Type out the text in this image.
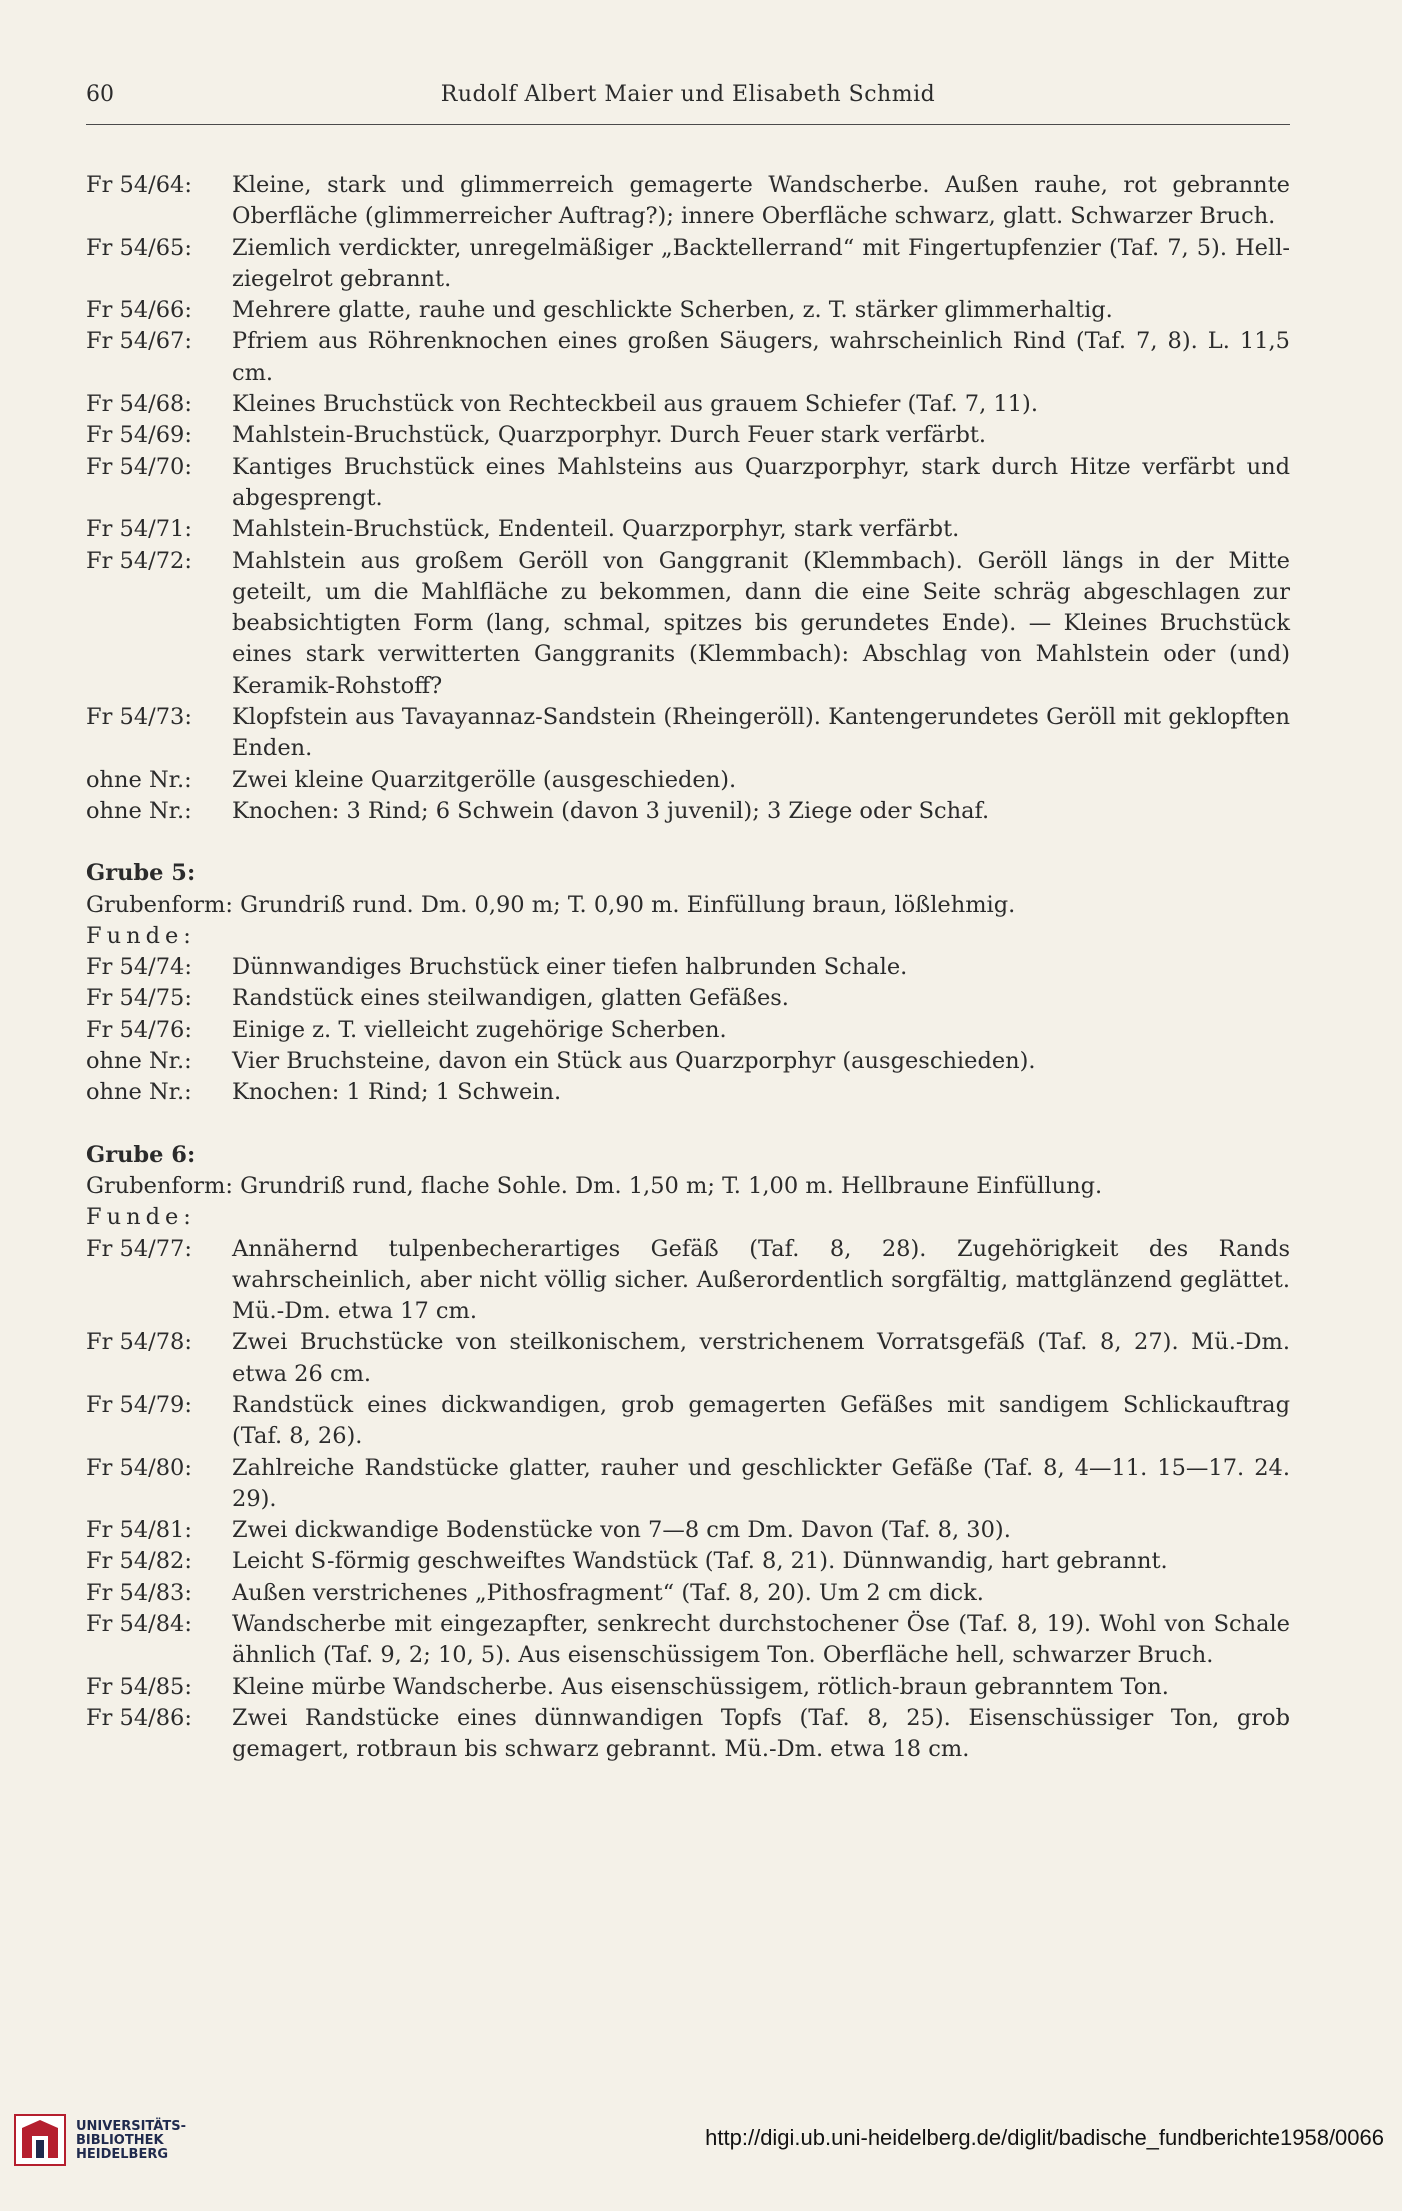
60	Rudolf Albert Maier und Elisabeth Schmid
Fr 54/64:	Kleine, stark und glimmerreich gemagerte Wandscherbe. Außen rauhe, rot gebrannte Oberfläche (glimmerreicher Auftrag?); innere Oberfläche schwarz, glatt. Schwarzer Bruch.
Fr 54/65:	Ziemlich verdickter, unregelmäßiger „Backtellerrand“ mit Fingertupfenzier (Taf. 7, 5). Hell-ziegelrot gebrannt.
Fr 54/66:	Mehrere glatte, rauhe und geschlickte Scherben, z. T. stärker glimmerhaltig.
Fr 54/67:	Pfriem aus Röhrenknochen eines großen Säugers, wahrscheinlich Rind (Taf. 7, 8). L. 11,5 cm.
Fr 54/68:	Kleines Bruchstück von Rechteckbeil aus grauem Schiefer (Taf. 7, 11).
Fr 54/69:	Mahlstein-Bruchstück, Quarzporphyr. Durch Feuer stark verfärbt.
Fr 54/70:	Kantiges Bruchstück eines Mahlsteins aus Quarzporphyr, stark durch Hitze verfärbt und abgesprengt.
Fr 54/71:	Mahlstein-Bruchstück, Endenteil. Quarzporphyr, stark verfärbt.
Fr 54/72:	Mahlstein aus großem Geröll von Ganggranit (Klemmbach). Geröll längs in der Mitte geteilt, um die Mahlfläche zu bekommen, dann die eine Seite schräg abgeschlagen zur beabsichtigten Form (lang, schmal, spitzes bis gerundetes Ende). — Kleines Bruchstück eines stark verwitterten Ganggranits (Klemmbach): Abschlag von Mahlstein oder (und) Keramik-Rohstoff?
Fr 54/73:	Klopfstein aus Tavayannaz-Sandstein (Rheingeröll). Kantengerundetes Geröll mit geklopften Enden.
ohne Nr.:	Zwei kleine Quarzitgerölle (ausgeschieden).
ohne Nr.:	Knochen: 3 Rind; 6 Schwein (davon 3 juvenil); 3 Ziege oder Schaf.
Grube 5:
Grubenform: Grundriß rund. Dm. 0,90 m; T. 0,90 m. Einfüllung braun, lößlehmig.
Funde:
Fr 54/74:	Dünnwandiges Bruchstück einer tiefen halbrunden Schale.
Fr 54/75:	Randstück eines steilwandigen, glatten Gefäßes.
Fr 54/76:	Einige z. T. vielleicht zugehörige Scherben.
ohne Nr.:	Vier Bruchsteine, davon ein Stück aus Quarzporphyr (ausgeschieden).
ohne Nr.:	Knochen: 1 Rind; 1 Schwein.
Grube 6:
Grubenform: Grundriß rund, flache Sohle. Dm. 1,50 m; T. 1,00 m. Hellbraune Einfüllung.
Funde:
Fr 54/77:	Annähernd tulpenbecherartiges Gefäß (Taf. 8, 28). Zugehörigkeit des Rands wahrscheinlich, aber nicht völlig sicher. Außerordentlich sorgfältig, mattglänzend geglättet. Mü.-Dm. etwa 17 cm.
Fr 54/78:	Zwei Bruchstücke von steilkonischem, verstrichenem Vorratsgefäß (Taf. 8, 27). Mü.-Dm. etwa 26 cm.
Fr 54/79:	Randstück eines dickwandigen, grob gemagerten Gefäßes mit sandigem Schlickauftrag (Taf. 8, 26).
Fr 54/80:	Zahlreiche Randstücke glatter, rauher und geschlickter Gefäße (Taf. 8, 4—11. 15—17. 24. 29).
Fr 54/81:	Zwei dickwandige Bodenstücke von 7—8 cm Dm. Davon (Taf. 8, 30).
Fr 54/82:	Leicht S-förmig geschweiftes Wandstück (Taf. 8, 21). Dünnwandig, hart gebrannt.
Fr 54/83:	Außen verstrichenes „Pithosfragment“ (Taf. 8, 20). Um 2 cm dick.
Fr 54/84:	Wandscherbe mit eingezapfter, senkrecht durchstochener Öse (Taf. 8, 19). Wohl von Schale ähnlich (Taf. 9, 2; 10, 5). Aus eisenschüssigem Ton. Oberfläche hell, schwarzer Bruch.
Fr 54/85:	Kleine mürbe Wandscherbe. Aus eisenschüssigem, rötlich-braun gebranntem Ton.
Fr 54/86:	Zwei Randstücke eines dünnwandigen Topfs (Taf. 8, 25). Eisenschüssiger Ton, grob gemagert, rotbraun bis schwarz gebrannt. Mü.-Dm. etwa 18 cm.
UNIVERSITÄTS-
BIBLIOTHEK
HEIDELBERG
http://digi.ub.uni-heidelberg.de/diglit/badische_fundberichte1958/0066
